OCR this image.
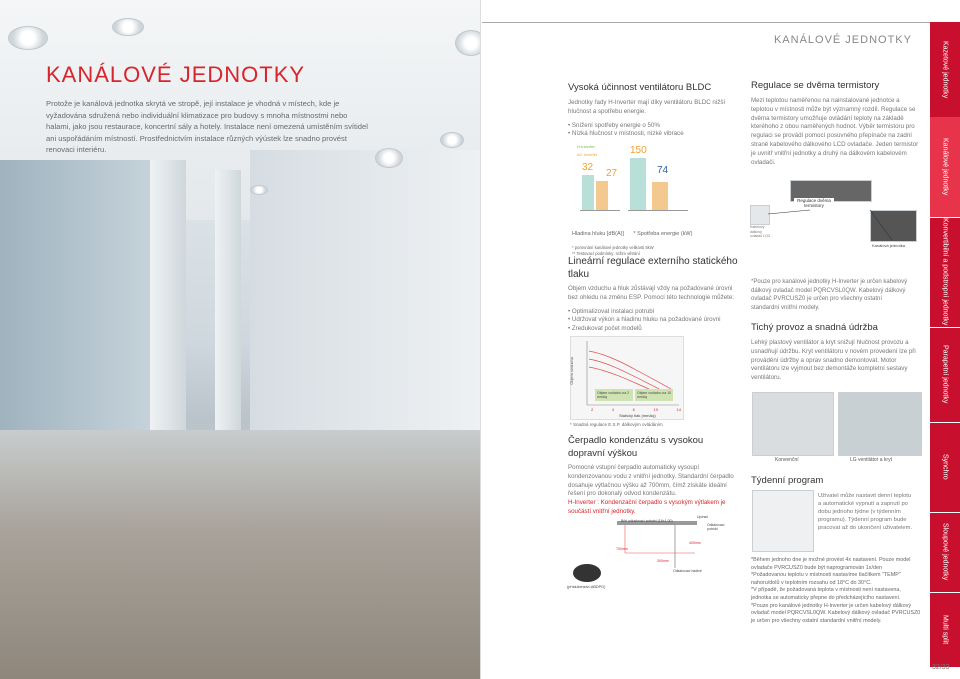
KANÁLOVÉ JEDNOTKY
Protože je kanálová jednotka skrytá ve stropě, její instalace je vhodná v místech, kde je vyžadována sdružená nebo individuální klimatizace pro budovy s mnoha místnostmi nebo halami, jako jsou restaurace, koncertní sály a hotely. Instalace není omezená umístěním svítidel ani uspořádáním místností. Prostřednictvím instalace různých výústek lze snadno provést renovaci interiéru.
KANÁLOVÉ JEDNOTKY
Vysoká účinnost ventilátoru BLDC
Jednotky řady H-Inverter mají díky ventilátoru BLDC nižší hlučnost a spotřebu energie.
• Snížení spotřeby energie o 50%
• Nízká hlučnost v místnosti, nízké vibrace
H-Inverter
AC Inverter
32
27
150
74
Hladina hluku [dB(A)] * Spotřeba energie (kW)
* porovnání kanálové jednotky velikosti 5kW
** Testovací podmínky: režim větrání
Lineární regulace externího statického tlaku
Objem vzduchu a hluk zůstávají vždy na požadované úrovni bez ohledu na změnu ESP. Pomocí této technologie můžete:
• Optimalizovat instalaci potrubí
• Udržovat výkon a hladinu hluku na požadované úrovni
• Zredukovat počet modelů
Objem vzduchu
Objem vzduchu na 2 mmAq
Objem vzduchu na 10 mmAq
2	4	6	10	14
Statický tlak (mmAq)
* Snadná regulace E.S.P. dálkovým ovládáním
Čerpadlo kondenzátu s vysokou dopravní výškou
Pomocné vstupní čerpadlo automaticky vysoupí kondenzovanou vodu z vnitřní jednotky. Standardní čerpadlo dosahuje výtlačnou výšku až 700mm, čímž získáte ideální řešení pro dokonalý odvod kondenzátu.
H-Inverter : Kondenzační čerpadlo s vysokým výtlakem je součástí vnitřní jednotky.
Bílé odkalovací potrubí (16×1.00)
Upínač
Odkalovací potrubí
Odkalovací hadice
700mm
300mm
400mm
(příslušenství-ABDPG)
Regulace se dvěma termistory
Mezi teplotou naměřenou na nainstalované jednotce a teplotou v místnosti může být významný rozdíl. Regulace se dvěma termistory umožňuje ovládání teploty na základě kteréhoho z obou naměřených hodnot. Výběr termistoru pro regulaci se provádí pomocí posuvného přepínače na zadní straně kabelového dálkového LCD ovladače. Jeden termistor je uvnitř vnitřní jednotky a druhý na dálkovém kabelovém ovladači.
Regulace dvěma termistory
Kabelový dálkový ovladač LCD
Kanálová jednotka
*Pouze pro kanálové jednotky H-Inverter je určen kabelový dálkový ovladač model PQRCVSL0QW. Kabelový dálkový ovladač PVRCUSZ0 je určen pro všechny ostatní standardní vnitřní modely.
Tichý provoz a snadná údržba
Lehký plastový ventilátor a kryt snižují hlučnost provozu a usnadňují údržbu. Kryt ventilátoru v novém provedení lze při provádění údržby a oprav snadno demontovat. Motor ventilátoru lze vyjmout bez demontáže kompletní sestavy ventilátoru.
Konvenční	LG ventilátor a kryt
Týdenní program
Uživatel může nastavit denní teplotu a automatické vypnutí a zapnutí po dobu jednoho týdne (v týdenním programu). Týdenní program bude pracovat až do ukončení uživatelem.
*Během jednoho dne je možné provést 4x nastavení. Pouze model ovladače PVRCUSZ0 bude být naprogramován 1x/den
*Požadovanou teplotu v místnosti nastavíme tlačítkem "TEMP" nahoru/dolů v teplotním rozsahu od 18°C do 30°C.
*V případě, že požadovaná teplota v místnosti není nastavena, jednotka se automaticky přepne do předcházejícího nastavení.
*Pouze pro kanálové jednotky H-Inverter je určen kabelový dálkový ovladač model PQRCVSL0QW. Kabelový dálkový ovladač PVRCUSZ0 je určen pro všechny ostatní standardní vnitřní modely.
Kazetové jednotky
Kanálové jednotky
Konvertibilní a podstropní jednotky
Parapetní jednotky
Synchro
Sloupové jednotky
Multi split
32/33
